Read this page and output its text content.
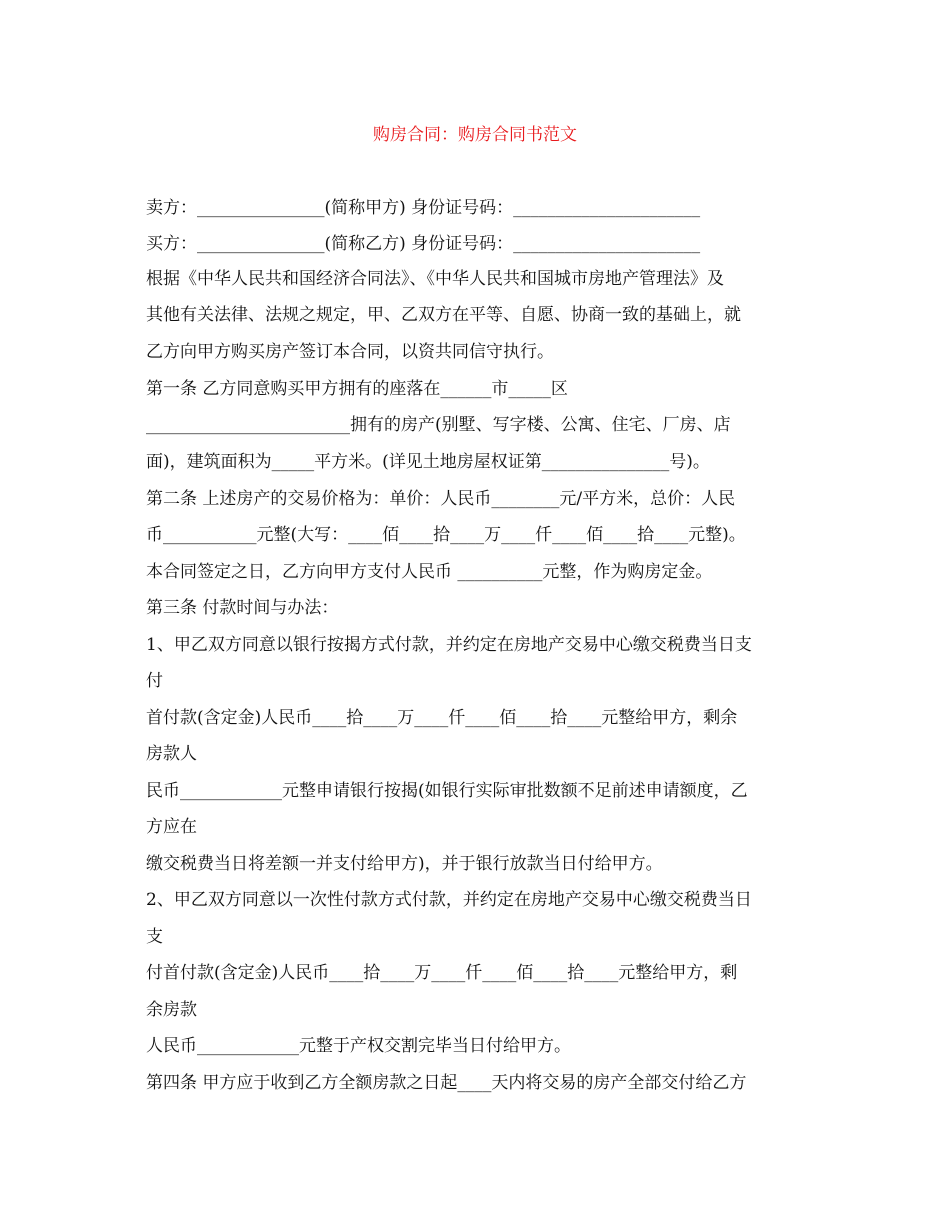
购房合同：购房合同书范文
卖方：_______________(简称甲方) 身份证号码：______________________
买方：_______________(简称乙方) 身份证号码：______________________
根据《中华人民共和国经济合同法》、《中华人民共和国城市房地产管理法》及
其他有关法律、法规之规定，甲、乙双方在平等、自愿、协商一致的基础上，就
乙方向甲方购买房产签订本合同，以资共同信守执行。
第一条 乙方同意购买甲方拥有的座落在______市_____区
________________________拥有的房产(别墅、写字楼、公寓、住宅、厂房、店
面)，建筑面积为_____平方米。(详见土地房屋权证第_______________号)。
第二条 上述房产的交易价格为：单价：人民币________元/平方米，总价：人民
币___________元整(大写：____佰____拾____万____仟____佰____拾____元整)。
本合同签定之日，乙方向甲方支付人民币 __________元整，作为购房定金。
第三条 付款时间与办法：
1、甲乙双方同意以银行按揭方式付款，并约定在房地产交易中心缴交税费当日支
付
首付款(含定金)人民币____拾____万____仟____佰____拾____元整给甲方，剩余
房款人
民币____________元整申请银行按揭(如银行实际审批数额不足前述申请额度，乙
方应在
缴交税费当日将差额一并支付给甲方)，并于银行放款当日付给甲方。
2、甲乙双方同意以一次性付款方式付款，并约定在房地产交易中心缴交税费当日
支
付首付款(含定金)人民币____拾____万____仟____佰____拾____元整给甲方，剩
余房款
人民币____________元整于产权交割完毕当日付给甲方。
第四条 甲方应于收到乙方全额房款之日起____天内将交易的房产全部交付给乙方
